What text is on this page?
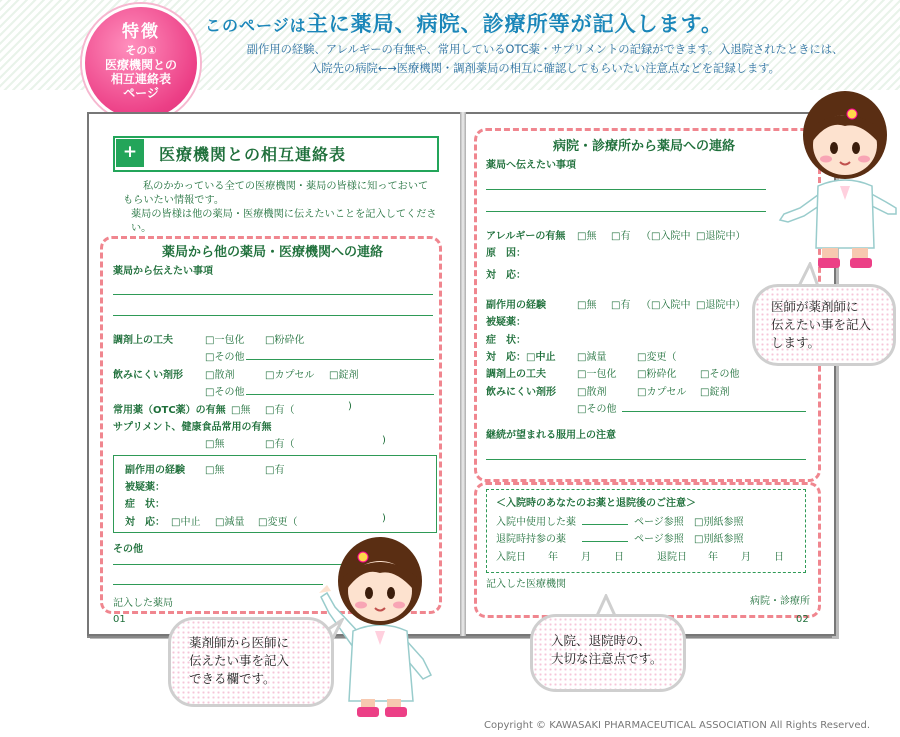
特徴
その①
医療機関との
相互連絡表
ページ
このページは主に薬局、病院、診療所等が記入します。
副作用の経験、アレルギーの有無や、常用しているOTC薬・サプリメントの記録ができます。入退院されたときには、
入院先の病院←→医療機関・調剤薬局の相互に確認してもらいたい注意点などを記録します。
+	医療機関との相互連絡表
私のかかっている全ての医療機関・薬局の皆様に知っておいて
もらいたい情報です。
薬局の皆様は他の薬局・医療機関に伝えたいことを記入してください。
薬局から他の薬局・医療機関への連絡
薬局から伝えたい事項
調剤上の工夫	□一包化 □粉砕化
□その他
飲みにくい剤形 □散剤	□カプセル □錠剤
□その他
常用薬（OTC薬）の有無 □無 □有（	)
サプリメント、健康食品常用の有無
□無	□有（	)
副作用の経験 □無	□有
被疑薬：
症　状：
対　応： □中止 □減量 □変更（	)
その他
記入した薬局
01
病院・診療所から薬局への連絡
薬局へ伝えたい事項
アレルギーの有無 □無 □有 （□入院中 □退院中）
原　因：
対　応：
副作用の経験	□無 □有 （□入院中 □退院中）
被疑薬：
症　状：
対　応：□中止 □減量	□変更（
調剤上の工夫	□一包化 □粉砕化 □その他
飲みにくい剤形 □散剤	□カプセル □錠剤
□その他
継続が望まれる服用上の注意
＜入院時のあなたのお薬と退院後のご注意＞
入院中使用した薬	ページ参照 □別紙参照
退院時持参の薬	ページ参照 □別紙参照
入院日 年 月 日	退院日 年 月 日
記入した医療機関
病院・診療所
02
医師が薬剤師に
伝えたい事を記入
します。
薬剤師から医師に
伝えたい事を記入
できる欄です。
入院、退院時の、
大切な注意点です。
Copyright © KAWASAKI PHARMACEUTICAL ASSOCIATION All Rights Reserved.
